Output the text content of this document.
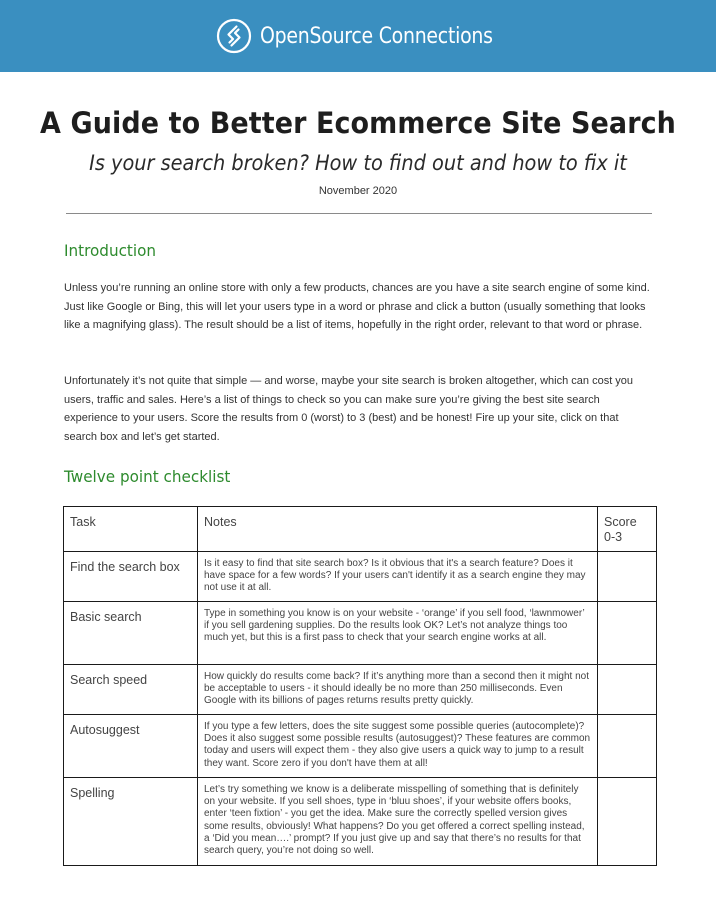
OpenSource Connections
A Guide to Better Ecommerce Site Search
Is your search broken? How to find out and how to fix it
November 2020
Introduction

Unless you’re running an online store with only a few products, chances are you have a site search engine of some kind. Just like Google or Bing, this will let your users type in a word or phrase and click a button (usually something that looks like a magnifying glass). The result should be a list of items, hopefully in the right order, relevant to that word or phrase.

Unfortunately it’s not quite that simple — and worse, maybe your site search is broken altogether, which can cost you users, traffic and sales. Here’s a list of things to check so you can make sure you’re giving the best site search experience to your users. Score the results from 0 (worst) to 3 (best) and be honest! Fire up your site, click on that search box and let’s get started.

Twelve point checklist
Task	Notes	Score
0-3

Find the search box	Is it easy to find that site search box? Is it obvious that it's a search feature? Does it have space for a few words? If your users can't identify it as a search engine they may not use it at all.	
Basic search	Type in something you know is on your website - ‘orange’ if you sell food, ‘lawnmower’ if you sell gardening supplies. Do the results look OK? Let’s not analyze things too much yet, but this is a first pass to check that your search engine works at all.	
Search speed	How quickly do results come back? If it’s anything more than a second then it might not be acceptable to users - it should ideally be no more than 250 milliseconds. Even Google with its billions of pages returns results pretty quickly.	
Autosuggest	If you type a few letters, does the site suggest some possible queries (autocomplete)? Does it also suggest some possible results (autosuggest)? These features are common today and users will expect them - they also give users a quick way to jump to a result they want. Score zero if you don't have them at all!	
Spelling	Let’s try something we know is a deliberate misspelling of something that is definitely on your website. If you sell shoes, type in ‘bluu shoes’, if your website offers books, enter ‘teen fixtion’ - you get the idea. Make sure the correctly spelled version gives some results, obviously! What happens? Do you get offered a correct spelling instead, a ‘Did you mean….’ prompt? If you just give up and say that there’s no results for that search query, you’re not doing so well.	
